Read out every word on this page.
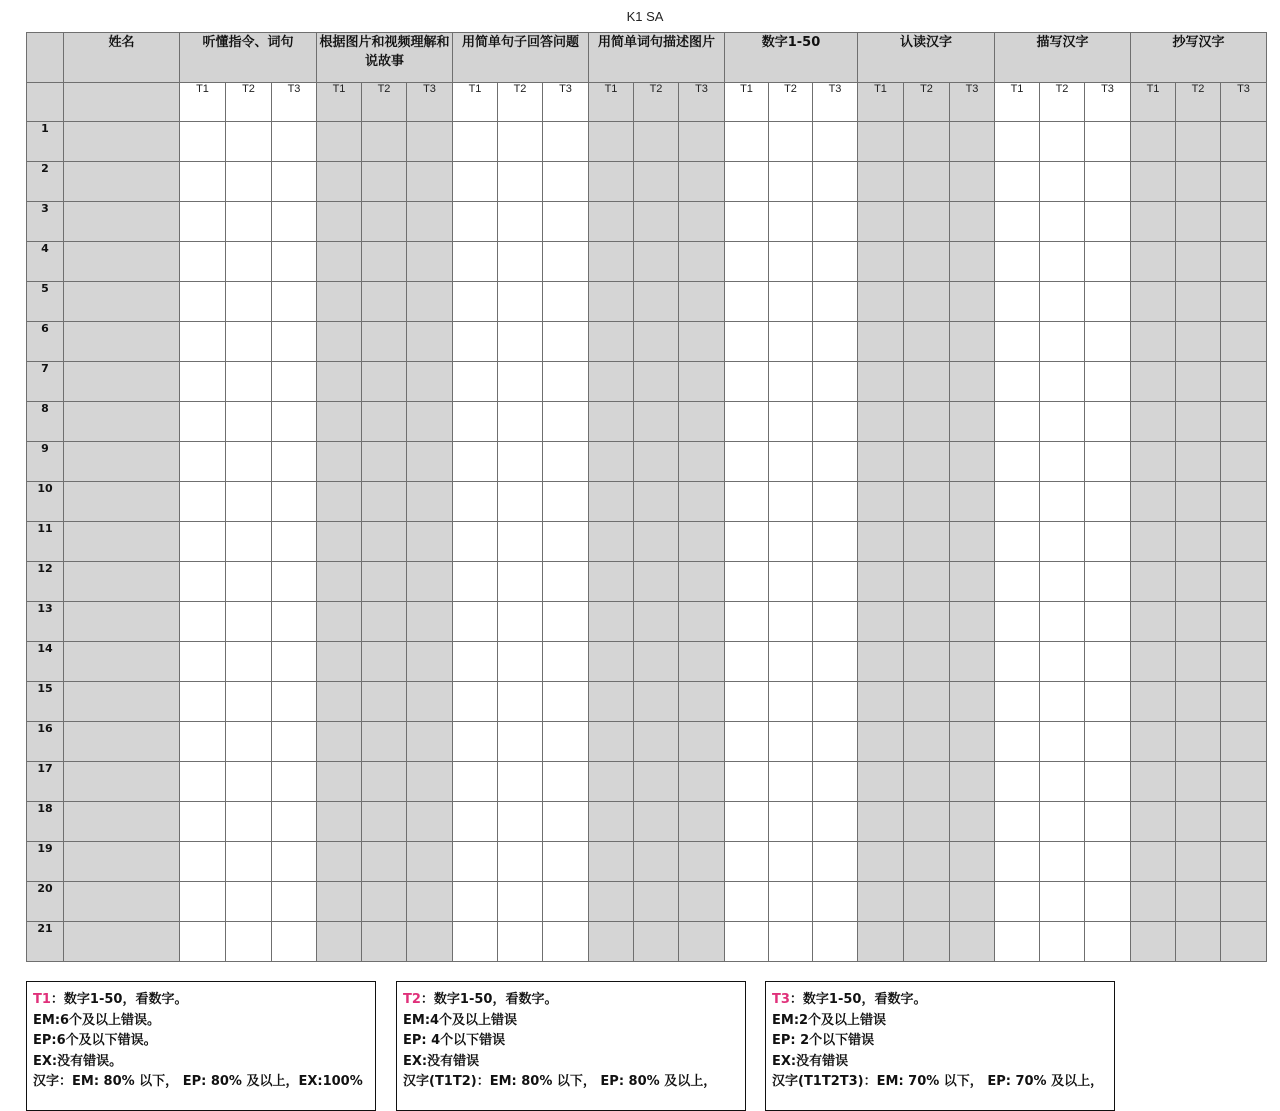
K1 SA
	姓名	听懂指令、词句			根据图片和视频理解和说故事			用简单句子回答问题			用简单词句描述图片			数字1-50			认读汉字			描写汉字			抄写汉字		
		T1	T2	T3	T1	T2	T3	T1	T2	T3	T1	T2	T3	T1	T2	T3	T1	T2	T3	T1	T2	T3	T1	T2	T3
1																									
2																									
3																									
4																									
5																									
6																									
7																									
8																									
9																									
10																									
11																									
12																									
13																									
14																									
15																									
16																									
17																									
18																									
19																									
20																									
21																									

T1：数字1-50，看数字。

EM:6个及以上错误。

EP:6个及以下错误。

EX:没有错误。

汉字：EM: 80% 以下， EP: 80% 及以上，EX:100%

T2：数字1-50，看数字。

EM:4个及以上错误

EP: 4个以下错误

EX:没有错误

汉字(T1T2)：EM: 80% 以下， EP: 80% 及以上，

T3：数字1-50，看数字。

EM:2个及以上错误

EP: 2个以下错误

EX:没有错误

汉字(T1T2T3)：EM: 70% 以下， EP: 70% 及以上，
